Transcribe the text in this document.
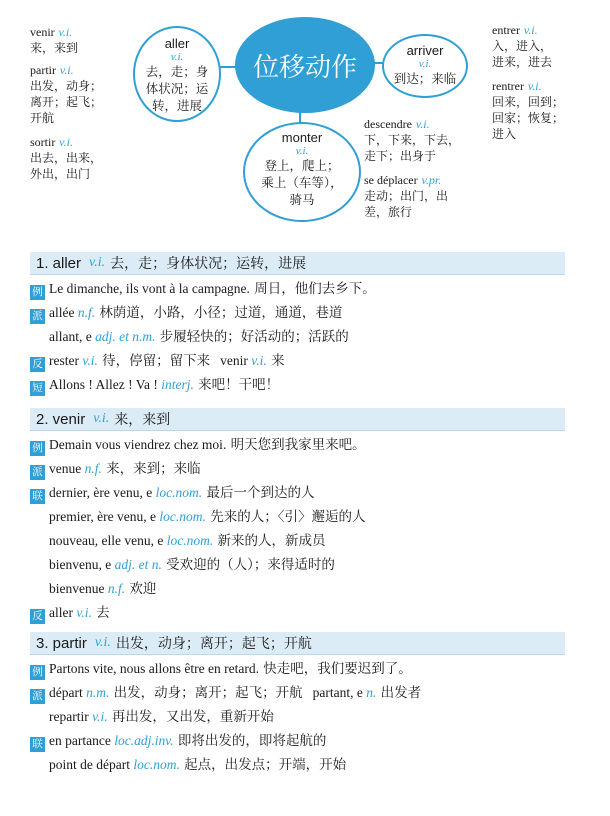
位移动作
aller
v.i.
去，走；身
体状况；运
转，进展
arriver
v.i.
到达；来临
monter
v.i.
登上，爬上；
乘上（车等），
骑马
venir v.i.
来，来到
partir v.i.
出发，动身；
离开；起飞；
开航
sortir v.i.
出去，出来，
外出，出门
entrer v.i.
入，进入，
进来，进去
rentrer v.i.
回来，回到；
回家；恢复；
进入
descendre v.i.
下，下来，下去，
走下；出身于
se déplacer v.pr.
走动；出门，出
差，旅行
1. aller v.i. 去，走；身体状况；运转，进展
例 Le dimanche, ils vont à la campagne. 周日，他们去乡下。
派 allée n.f. 林荫道，小路，小径；过道，通道，巷道
allant, e adj. et n.m. 步履轻快的；好活动的；活跃的
反 rester v.i. 待，停留；留下来 venir v.i. 来
短 Allons ! Allez ! Va ! interj. 来吧！干吧！
2. venir v.i. 来，来到
例 Demain vous viendrez chez moi. 明天您到我家里来吧。
派 venue n.f. 来，来到；来临
联 dernier, ère venu, e loc.nom. 最后一个到达的人
premier, ère venu, e loc.nom. 先来的人；〈引〉邂逅的人
nouveau, elle venu, e loc.nom. 新来的人，新成员
bienvenu, e adj. et n. 受欢迎的（人）；来得适时的
bienvenue n.f. 欢迎
反 aller v.i. 去
3. partir v.i. 出发，动身；离开；起飞；开航
例 Partons vite, nous allons être en retard. 快走吧，我们要迟到了。
派 départ n.m. 出发，动身；离开；起飞；开航 partant, e n. 出发者
repartir v.i. 再出发，又出发，重新开始
联 en partance loc.adj.inv. 即将出发的，即将起航的
point de départ loc.nom. 起点，出发点；开端，开始
